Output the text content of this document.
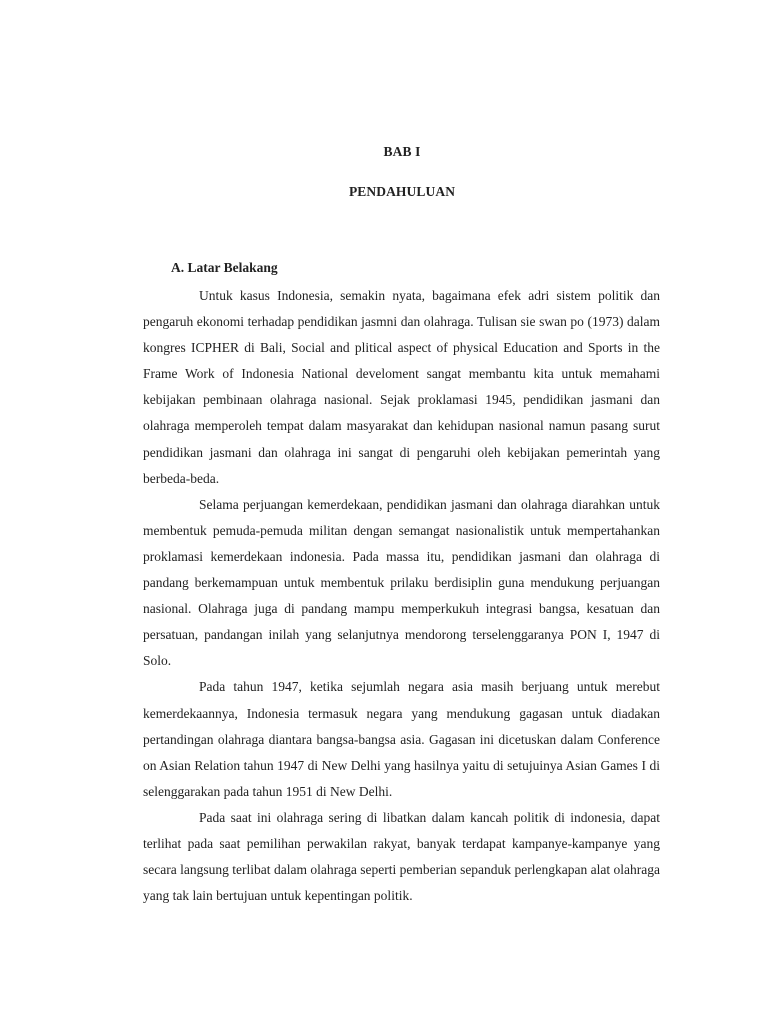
BAB I
PENDAHULUAN
A. Latar Belakang

Untuk kasus Indonesia, semakin nyata, bagaimana efek adri sistem politik dan pengaruh ekonomi terhadap pendidikan jasmni dan olahraga. Tulisan sie swan po (1973) dalam kongres ICPHER di Bali, Social and plitical aspect of physical Education and Sports in the Frame Work of Indonesia National develoment sangat membantu kita untuk memahami kebijakan pembinaan olahraga nasional. Sejak proklamasi 1945, pendidikan jasmani dan olahraga memperoleh tempat dalam masyarakat dan kehidupan nasional namun pasang surut pendidikan jasmani dan olahraga ini sangat di pengaruhi oleh kebijakan pemerintah yang berbeda-beda.

Selama perjuangan kemerdekaan, pendidikan jasmani dan olahraga diarahkan untuk membentuk pemuda-pemuda militan dengan semangat nasionalistik untuk mempertahankan proklamasi kemerdekaan indonesia. Pada massa itu, pendidikan jasmani dan olahraga di pandang berkemampuan untuk membentuk prilaku berdisiplin guna mendukung perjuangan nasional. Olahraga juga di pandang mampu memperkukuh integrasi bangsa, kesatuan dan persatuan, pandangan inilah yang selanjutnya mendorong terselenggaranya PON I, 1947 di Solo.

Pada tahun 1947, ketika sejumlah negara asia masih berjuang untuk merebut kemerdekaannya, Indonesia termasuk negara yang mendukung gagasan untuk diadakan pertandingan olahraga diantara bangsa-bangsa asia. Gagasan ini dicetuskan dalam Conference on Asian Relation tahun 1947 di New Delhi yang hasilnya yaitu di setujuinya Asian Games I di selenggarakan pada tahun 1951 di New Delhi.

Pada saat ini olahraga sering di libatkan dalam kancah politik di indonesia, dapat terlihat pada saat pemilihan perwakilan rakyat, banyak terdapat kampanye-kampanye yang secara langsung terlibat dalam olahraga seperti pemberian sepanduk perlengkapan alat olahraga yang tak lain bertujuan untuk kepentingan politik.
